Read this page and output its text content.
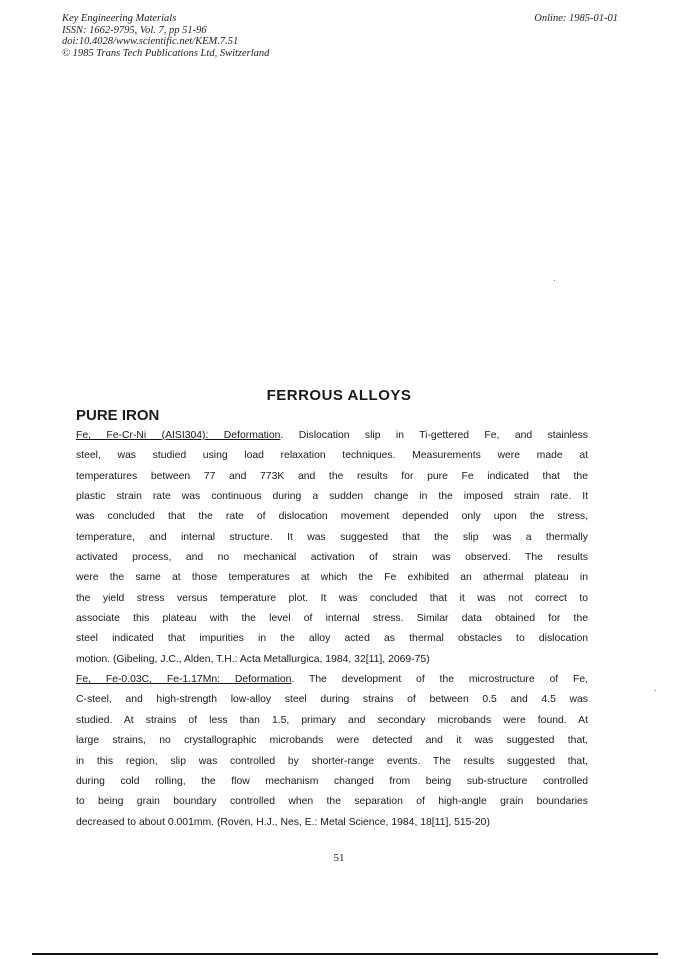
Key Engineering Materials
ISSN: 1662-9795, Vol. 7, pp 51-96
doi:10.4028/www.scientific.net/KEM.7.51
© 1985 Trans Tech Publications Ltd, Switzerland
Online: 1985-01-01
FERROUS ALLOYS
PURE IRON
Fe, Fe-Cr-Ni (AISI304): Deformation. Dislocation slip in Ti-gettered Fe, and stainless
steel, was studied using load relaxation techniques. Measurements were made at
temperatures between 77 and 773K and the results for pure Fe indicated that the
plastic strain rate was continuous during a sudden change in the imposed strain rate. It
was concluded that the rate of dislocation movement depended only upon the stress,
temperature, and internal structure. It was suggested that the slip was a thermally
activated process, and no mechanical activation of strain was observed. The results
were the same at those temperatures at which the Fe exhibited an athermal plateau in
the yield stress versus temperature plot. It was concluded that it was not correct to
associate this plateau with the level of internal stress. Similar data obtained for the
steel indicated that impurities in the alloy acted as thermal obstacles to dislocation
motion. (Gibeling, J.C., Alden, T.H.: Acta Metallurgica, 1984, 32[11], 2069-75)
Fe, Fe-0.03C, Fe-1.17Mn: Deformation. The development of the microstructure of Fe,
C-steel, and high-strength low-alloy steel during strains of between 0.5 and 4.5 was
studied. At strains of less than 1.5, primary and secondary microbands were found. At
large strains, no crystallographic microbands were detected and it was suggested that,
in this region, slip was controlled by shorter-range events. The results suggested that,
during cold rolling, the flow mechanism changed from being sub-structure controlled
to being grain boundary controlled when the separation of high-angle grain boundaries
decreased to about 0.001mm. (Roven, H.J., Nes, E.: Metal Science, 1984, 18[11], 515-20)
51
